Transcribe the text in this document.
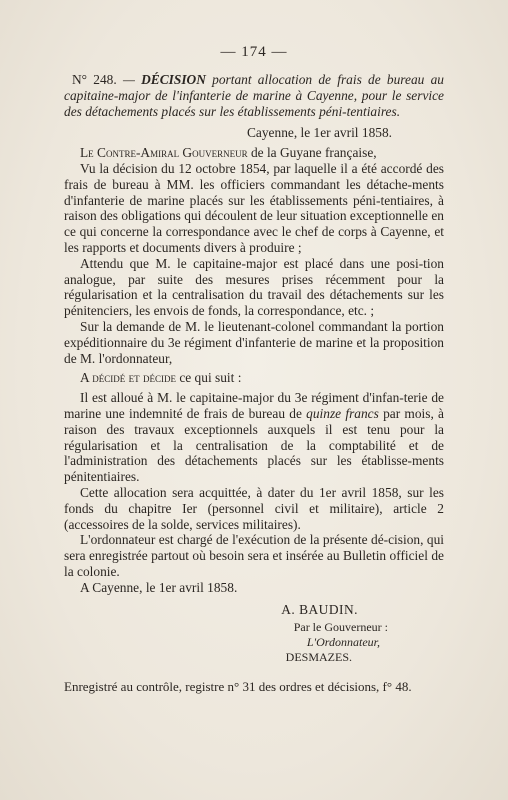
— 174 —

N° 248. — DÉCISION portant allocation de frais de bureau au capitaine-major de l'infanterie de marine à Cayenne, pour le service des détachements placés sur les établissements péni-tentiaires.

Cayenne, le 1er avril 1858.

Le Contre-Amiral Gouverneur de la Guyane française,

Vu la décision du 12 octobre 1854, par laquelle il a été accordé des frais de bureau à MM. les officiers commandant les détache-ments d'infanterie de marine placés sur les établissements péni-tentiaires, à raison des obligations qui découlent de leur situation exceptionnelle en ce qui concerne la correspondance avec le chef de corps à Cayenne, et les rapports et documents divers à produire ;

Attendu que M. le capitaine-major est placé dans une posi-tion analogue, par suite des mesures prises récemment pour la régularisation et la centralisation du travail des détachements sur les pénitenciers, les envois de fonds, la correspondance, etc. ;

Sur la demande de M. le lieutenant-colonel commandant la portion expéditionnaire du 3e régiment d'infanterie de marine et la proposition de M. l'ordonnateur,

A décidé et décide ce qui suit :

Il est alloué à M. le capitaine-major du 3e régiment d'infan-terie de marine une indemnité de frais de bureau de quinze francs par mois, à raison des travaux exceptionnels auxquels il est tenu pour la régularisation et la centralisation de la comptabilité et de l'administration des détachements placés sur les établisse-ments pénitentiaires.

Cette allocation sera acquittée, à dater du 1er avril 1858, sur les fonds du chapitre Ier (personnel civil et militaire), article 2 (accessoires de la solde, services militaires).

L'ordonnateur est chargé de l'exécution de la présente dé-cision, qui sera enregistrée partout où besoin sera et insérée au Bulletin officiel de la colonie.

A Cayenne, le 1er avril 1858.

A. BAUDIN.

Par le Gouverneur :

L'Ordonnateur,

DESMAZES.

Enregistré au contrôle, registre n° 31 des ordres et décisions, f° 48.
